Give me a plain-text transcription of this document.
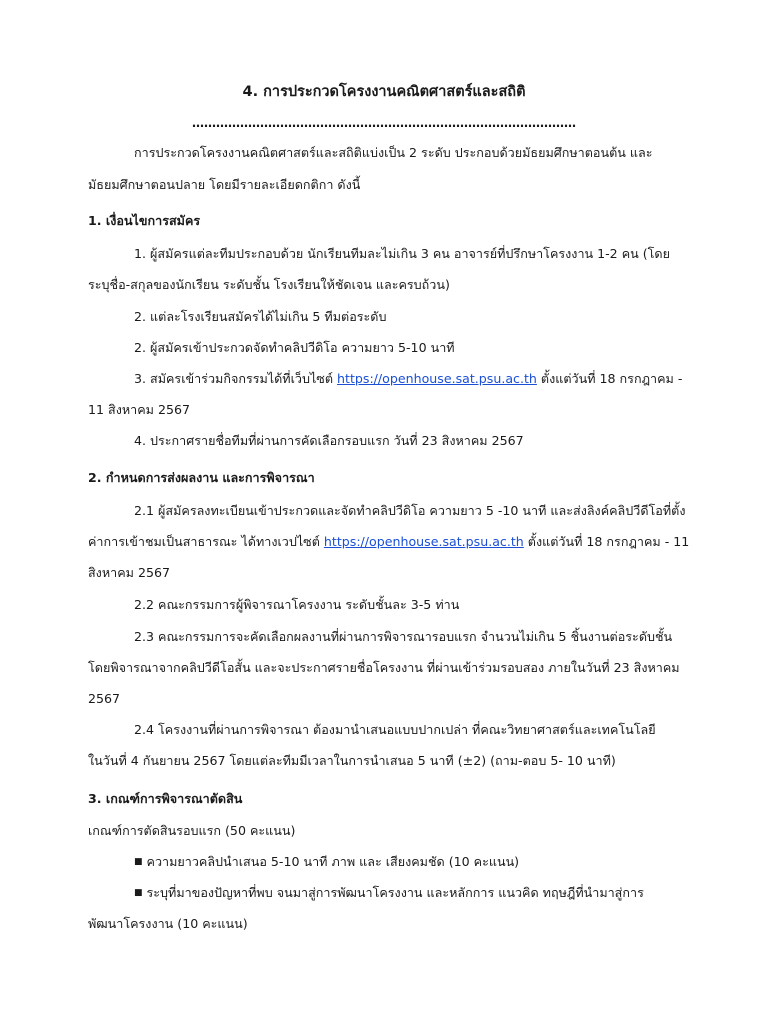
4. การประกวดโครงงานคณิตศาสตร์และสถิติ
……………………………………………………………………………………
การประกวดโครงงานคณิตศาสตร์และสถิติแบ่งเป็น 2 ระดับ ประกอบด้วยมัธยมศึกษาตอนต้น และ
มัธยมศึกษาตอนปลาย โดยมีรายละเอียดกติกา ดังนี้
1. เงื่อนไขการสมัคร
1. ผู้สมัครแต่ละทีมประกอบด้วย นักเรียนทีมละไม่เกิน 3 คน อาจารย์ที่ปรึกษาโครงงาน 1-2 คน (โดย
ระบุชื่อ-สกุลของนักเรียน ระดับชั้น โรงเรียนให้ชัดเจน และครบถ้วน)
2. แต่ละโรงเรียนสมัครได้ไม่เกิน 5 ทีมต่อระดับ
2. ผู้สมัครเข้าประกวดจัดทำคลิปวีดิโอ ความยาว 5-10 นาที
3. สมัครเข้าร่วมกิจกรรมได้ที่เว็บไซต์ https://openhouse.sat.psu.ac.th ตั้งแต่วันที่ 18 กรกฎาคม -
11 สิงหาคม 2567
4. ประกาศรายชื่อทีมที่ผ่านการคัดเลือกรอบแรก วันที่ 23 สิงหาคม 2567
2. กำหนดการส่งผลงาน และการพิจารณา
2.1 ผู้สมัครลงทะเบียนเข้าประกวดและจัดทำคลิปวีดิโอ ความยาว 5 -10 นาที และส่งลิงค์คลิปวีดีโอที่ตั้ง
ค่าการเข้าชมเป็นสาธารณะ ได้ทางเวปไซต์ https://openhouse.sat.psu.ac.th ตั้งแต่วันที่ 18 กรกฎาคม - 11
สิงหาคม 2567
2.2 คณะกรรมการผู้พิจารณาโครงงาน ระดับชั้นละ 3-5 ท่าน
2.3 คณะกรรมการจะคัดเลือกผลงานที่ผ่านการพิจารณารอบแรก จำนวนไม่เกิน 5 ชิ้นงานต่อระดับชั้น
โดยพิจารณาจากคลิปวีดีโอสั้น และจะประกาศรายชื่อโครงงาน ที่ผ่านเข้าร่วมรอบสอง ภายในวันที่ 23 สิงหาคม
2567
2.4 โครงงานที่ผ่านการพิจารณา ต้องมานำเสนอแบบปากเปล่า ที่คณะวิทยาศาสตร์และเทคโนโลยี
ในวันที่ 4 กันยายน 2567 โดยแต่ละทีมมีเวลาในการนำเสนอ 5 นาที (±2) (ถาม-ตอบ 5- 10 นาที)
3. เกณฑ์การพิจารณาตัดสิน
เกณฑ์การตัดสินรอบแรก (50 คะแนน)
■ ความยาวคลิปนำเสนอ 5-10 นาที ภาพ และ เสียงคมชัด (10 คะแนน)
■ ระบุที่มาของปัญหาที่พบ จนมาสู่การพัฒนาโครงงาน และหลักการ แนวคิด ทฤษฎีที่นำมาสู่การ
พัฒนาโครงงาน (10 คะแนน)
